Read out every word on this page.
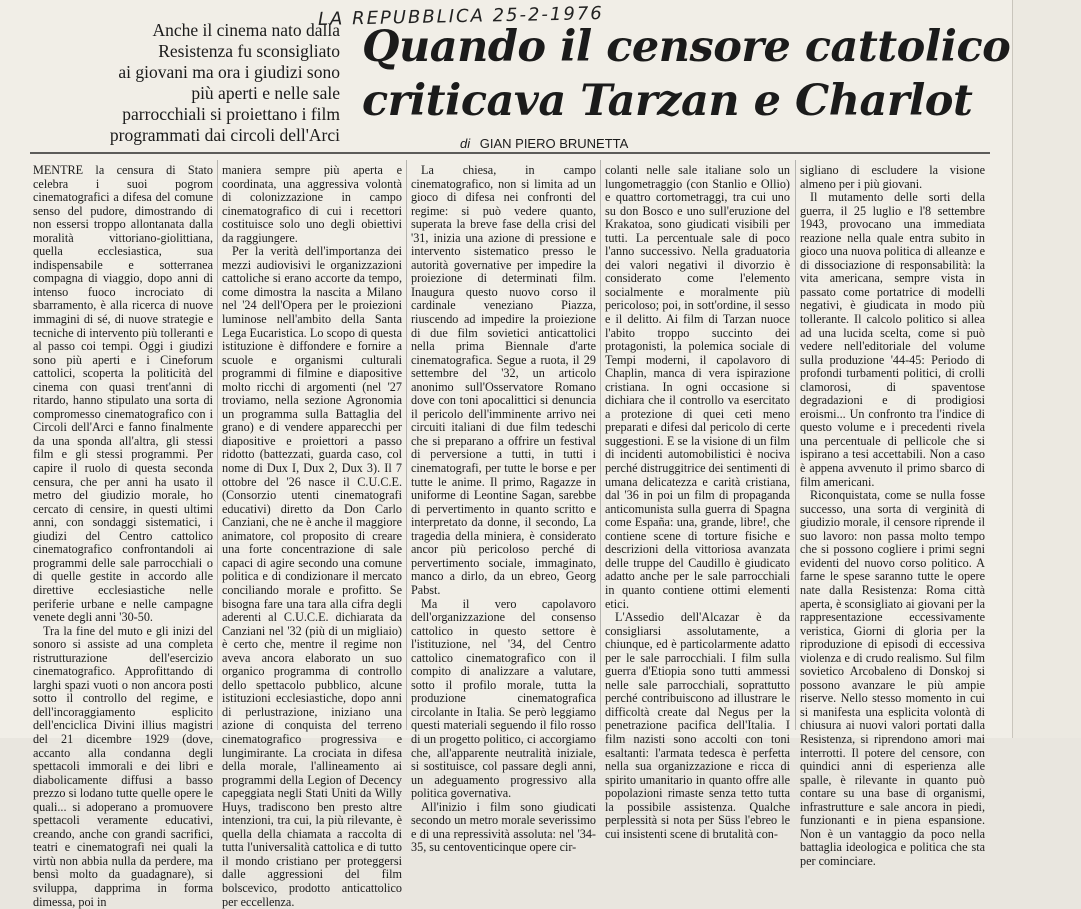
LA REPUBBLICA 25-2-1976
Anche il cinema nato dalla
Resistenza fu sconsigliato
ai giovani ma ora i giudizi sono
più aperti e nelle sale
parrocchiali si proiettano i film
programmati dai circoli dell'Arci
Quando il censore cattolico
criticava Tarzan e Charlot
di GIAN PIERO BRUNETTA

MENTRE la censura di Stato celebra i suoi pogrom cinematografici a difesa del comune senso del pudore, dimostrando di non essersi troppo allontanata dalla moralità vittoriano-giolittiana, quella ecclesiastica, sua indispensabile e sotterranea compagna di viaggio, dopo anni di intenso fuoco incrociato di sbarramento, è alla ricerca di nuove immagini di sé, di nuove strategie e tecniche di intervento più tolleranti e al passo coi tempi. Oggi i giudizi sono più aperti e i Cineforum cattolici, scoperta la politicità del cinema con quasi trent'anni di ritardo, hanno stipulato una sorta di compromesso cinematografico con i Circoli dell'Arci e fanno finalmente da una sponda all'altra, gli stessi film e gli stessi programmi. Per capire il ruolo di questa seconda censura, che per anni ha usato il metro del giudizio morale, ho cercato di censire, in questi ultimi anni, con sondaggi sistematici, i giudizi del Centro cattolico cinematografico confrontandoli ai programmi delle sale parrocchiali o di quelle gestite in accordo alle direttive ecclesiastiche nelle periferie urbane e nelle campagne venete degli anni '30-50.

Tra la fine del muto e gli inizi del sonoro si assiste ad una completa ristrutturazione dell'esercizio cinematografico. Approfittando di larghi spazi vuoti o non ancora posti sotto il controllo del regime, e dell'incoraggiamento esplicito dell'enciclica Divini illius magistri del 21 dicembre 1929 (dove, accanto alla condanna degli spettacoli immorali e dei libri e diabolicamente diffusi a basso prezzo si lodano tutte quelle opere le quali... si adoperano a promuovere spettacoli veramente educativi, creando, anche con grandi sacrifici, teatri e cinematografi nei quali la virtù non abbia nulla da perdere, ma bensì molto da guadagnare), si sviluppa, dapprima in forma dimessa, poi in

maniera sempre più aperta e coordinata, una aggressiva volontà di colonizzazione in campo cinematografico di cui i recettori costituisce solo uno degli obiettivi da raggiungere.

Per la verità dell'importanza dei mezzi audiovisivi le organizzazioni cattoliche si erano accorte da tempo, come dimostra la nascita a Milano nel '24 dell'Opera per le proiezioni luminose nell'ambito della Santa Lega Eucaristica. Lo scopo di questa istituzione è diffondere e fornire a scuole e organismi culturali programmi di filmine e diapositive molto ricchi di argomenti (nel '27 troviamo, nella sezione Agronomia un programma sulla Battaglia del grano) e di vendere apparecchi per diapositive e proiettori a passo ridotto (battezzati, guarda caso, col nome di Dux I, Dux 2, Dux 3). Il 7 ottobre del '26 nasce il C.U.C.E. (Consorzio utenti cinematografi educativi) diretto da Don Carlo Canziani, che ne è anche il maggiore animatore, col proposito di creare una forte concentrazione di sale capaci di agire secondo una comune politica e di condizionare il mercato conciliando morale e profitto. Se bisogna fare una tara alla cifra degli aderenti al C.U.C.E. dichiarata da Canziani nel '32 (più di un migliaio) è certo che, mentre il regime non aveva ancora elaborato un suo organico programma di controllo dello spettacolo pubblico, alcune istituzioni ecclesiastiche, dopo anni di perlustrazione, iniziano una azione di conquista del terreno cinematografico progressiva e lungimirante. La crociata in difesa della morale, l'allineamento ai programmi della Legion of Decency capeggiata negli Stati Uniti da Willy Huys, tradiscono ben presto altre intenzioni, tra cui, la più rilevante, è quella della chiamata a raccolta di tutta l'universalità cattolica e di tutto il mondo cristiano per proteggersi dalle aggressioni del film bolscevico, prodotto anticattolico per eccellenza.

La chiesa, in campo cinematografico, non si limita ad un gioco di difesa nei confronti del regime: si può vedere quanto, superata la breve fase della crisi del '31, inizia una azione di pressione e intervento sistematico presso le autorità governative per impedire la proiezione di determinati film. Inaugura questo nuovo corso il cardinale veneziano Piazza, riuscendo ad impedire la proiezione di due film sovietici anticattolici nella prima Biennale d'arte cinematografica. Segue a ruota, il 29 settembre del '32, un articolo anonimo sull'Osservatore Romano dove con toni apocalittici si denuncia il pericolo dell'imminente arrivo nei circuiti italiani di due film tedeschi che si preparano a offrire un festival di perversione a tutti, in tutti i cinematografi, per tutte le borse e per tutte le anime. Il primo, Ragazze in uniforme di Leontine Sagan, sarebbe di pervertimento in quanto scritto e interpretato da donne, il secondo, La tragedia della miniera, è considerato ancor più pericoloso perché di pervertimento sociale, immaginato, manco a dirlo, da un ebreo, Georg Pabst.

Ma il vero capolavoro dell'organizzazione del consenso cattolico in questo settore è l'istituzione, nel '34, del Centro cattolico cinematografico con il compito di analizzare a valutare, sotto il profilo morale, tutta la produzione cinematografica circolante in Italia. Se però leggiamo questi materiali seguendo il filo rosso di un progetto politico, ci accorgiamo che, all'apparente neutralità iniziale, si sostituisce, col passare degli anni, un adeguamento progressivo alla politica governativa.

All'inizio i film sono giudicati secondo un metro morale severissimo e di una repressività assoluta: nel '34-35, su centoventicinque opere cir-

colanti nelle sale italiane solo un lungometraggio (con Stanlio e Ollio) e quattro cortometraggi, tra cui uno su don Bosco e uno sull'eruzione del Krakatoa, sono giudicati visibili per tutti. La percentuale sale di poco l'anno successivo. Nella graduatoria dei valori negativi il divorzio è considerato come l'elemento socialmente e moralmente più pericoloso; poi, in sott'ordine, il sesso e il delitto. Ai film di Tarzan nuoce l'abito troppo succinto dei protagonisti, la polemica sociale di Tempi moderni, il capolavoro di Chaplin, manca di vera ispirazione cristiana. In ogni occasione si dichiara che il controllo va esercitato a protezione di quei ceti meno preparati e difesi dal pericolo di certe suggestioni. E se la visione di un film di incidenti automobilistici è nociva perché distruggitrice dei sentimenti di umana delicatezza e carità cristiana, dal '36 in poi un film di propaganda anticomunista sulla guerra di Spagna come España: una, grande, libre!, che contiene scene di torture fisiche e descrizioni della vittoriosa avanzata delle truppe del Caudillo è giudicato adatto anche per le sale parrocchiali in quanto contiene ottimi elementi etici.

L'Assedio dell'Alcazar è da consigliarsi assolutamente, a chiunque, ed è particolarmente adatto per le sale parrocchiali. I film sulla guerra d'Etiopia sono tutti ammessi nelle sale parrocchiali, soprattutto perché contribuiscono ad illustrare le difficoltà create dal Negus per la penetrazione pacifica dell'Italia. I film nazisti sono accolti con toni esaltanti: l'armata tedesca è perfetta nella sua organizzazione e ricca di spirito umanitario in quanto offre alle popolazioni rimaste senza tetto tutta la possibile assistenza. Qualche perplessità si nota per Süss l'ebreo le cui insistenti scene di brutalità con-

sigliano di escludere la visione almeno per i più giovani.

Il mutamento delle sorti della guerra, il 25 luglio e l'8 settembre 1943, provocano una immediata reazione nella quale entra subito in gioco una nuova politica di alleanze e di dissociazione di responsabilità: la vita americana, sempre vista in passato come portatrice di modelli negativi, è giudicata in modo più tollerante. Il calcolo politico si allea ad una lucida scelta, come si può vedere nell'editoriale del volume sulla produzione '44-45: Periodo di profondi turbamenti politici, di crolli clamorosi, di spaventose degradazioni e di prodigiosi eroismi... Un confronto tra l'indice di questo volume e i precedenti rivela una percentuale di pellicole che si ispirano a tesi accettabili. Non a caso è appena avvenuto il primo sbarco di film americani.

Riconquistata, come se nulla fosse successo, una sorta di verginità di giudizio morale, il censore riprende il suo lavoro: non passa molto tempo che si possono cogliere i primi segni evidenti del nuovo corso politico. A farne le spese saranno tutte le opere nate dalla Resistenza: Roma città aperta, è sconsigliato ai giovani per la rappresentazione eccessivamente veristica, Giorni di gloria per la riproduzione di episodi di eccessiva violenza e di crudo realismo. Sul film sovietico Arcobaleno di Donskoj si possono avanzare le più ampie riserve. Nello stesso momento in cui si manifesta una esplicita volontà di chiusura ai nuovi valori portati dalla Resistenza, si riprendono amori mai interrotti. Il potere del censore, con quindici anni di esperienza alle spalle, è rilevante in quanto può contare su una base di organismi, infrastrutture e sale ancora in piedi, funzionanti e in piena espansione. Non è un vantaggio da poco nella battaglia ideologica e politica che sta per cominciare.
